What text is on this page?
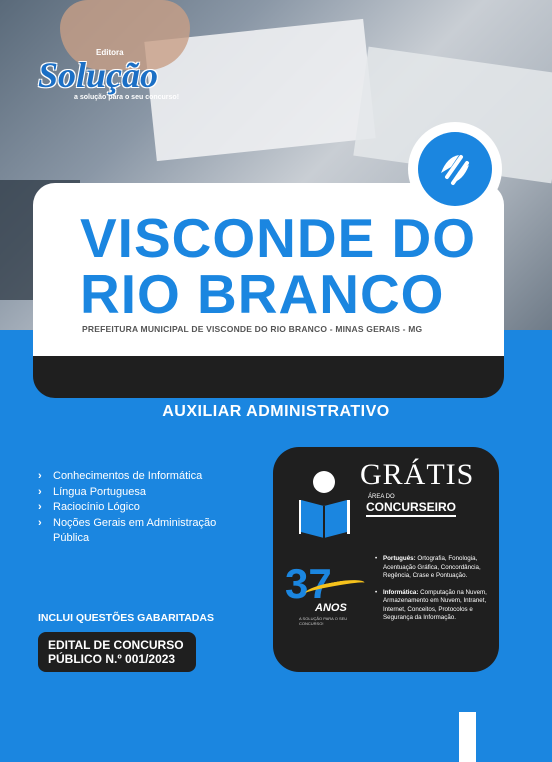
Editora
Solução
a solução para o seu concurso!
VISCONDE DO
RIO BRANCO
PREFEITURA MUNICIPAL DE VISCONDE DO RIO BRANCO - MINAS GERAIS - MG
AUXILIAR ADMINISTRATIVO
› Conhecimentos de Informática
› Língua Portuguesa
› Raciocínio Lógico
› Noções Gerais em Administração Pública
INCLUI QUESTÕES GABARITADAS
EDITAL DE CONCURSO
PÚBLICO N.º 001/2023
GRÁTIS
ÁREA DO
CONCURSEIRO
37
ANOS
A SOLUÇÃO PARA O SEU CONCURSO!
• Português: Ortografia, Fonologia, Acentuação Gráfica, Concordância, Regência, Crase e Pontuação.
• Informática: Computação na Nuvem, Armazenamento em Nuvem, Intranet, Internet, Conceitos, Protocolos e Segurança da Informação.
